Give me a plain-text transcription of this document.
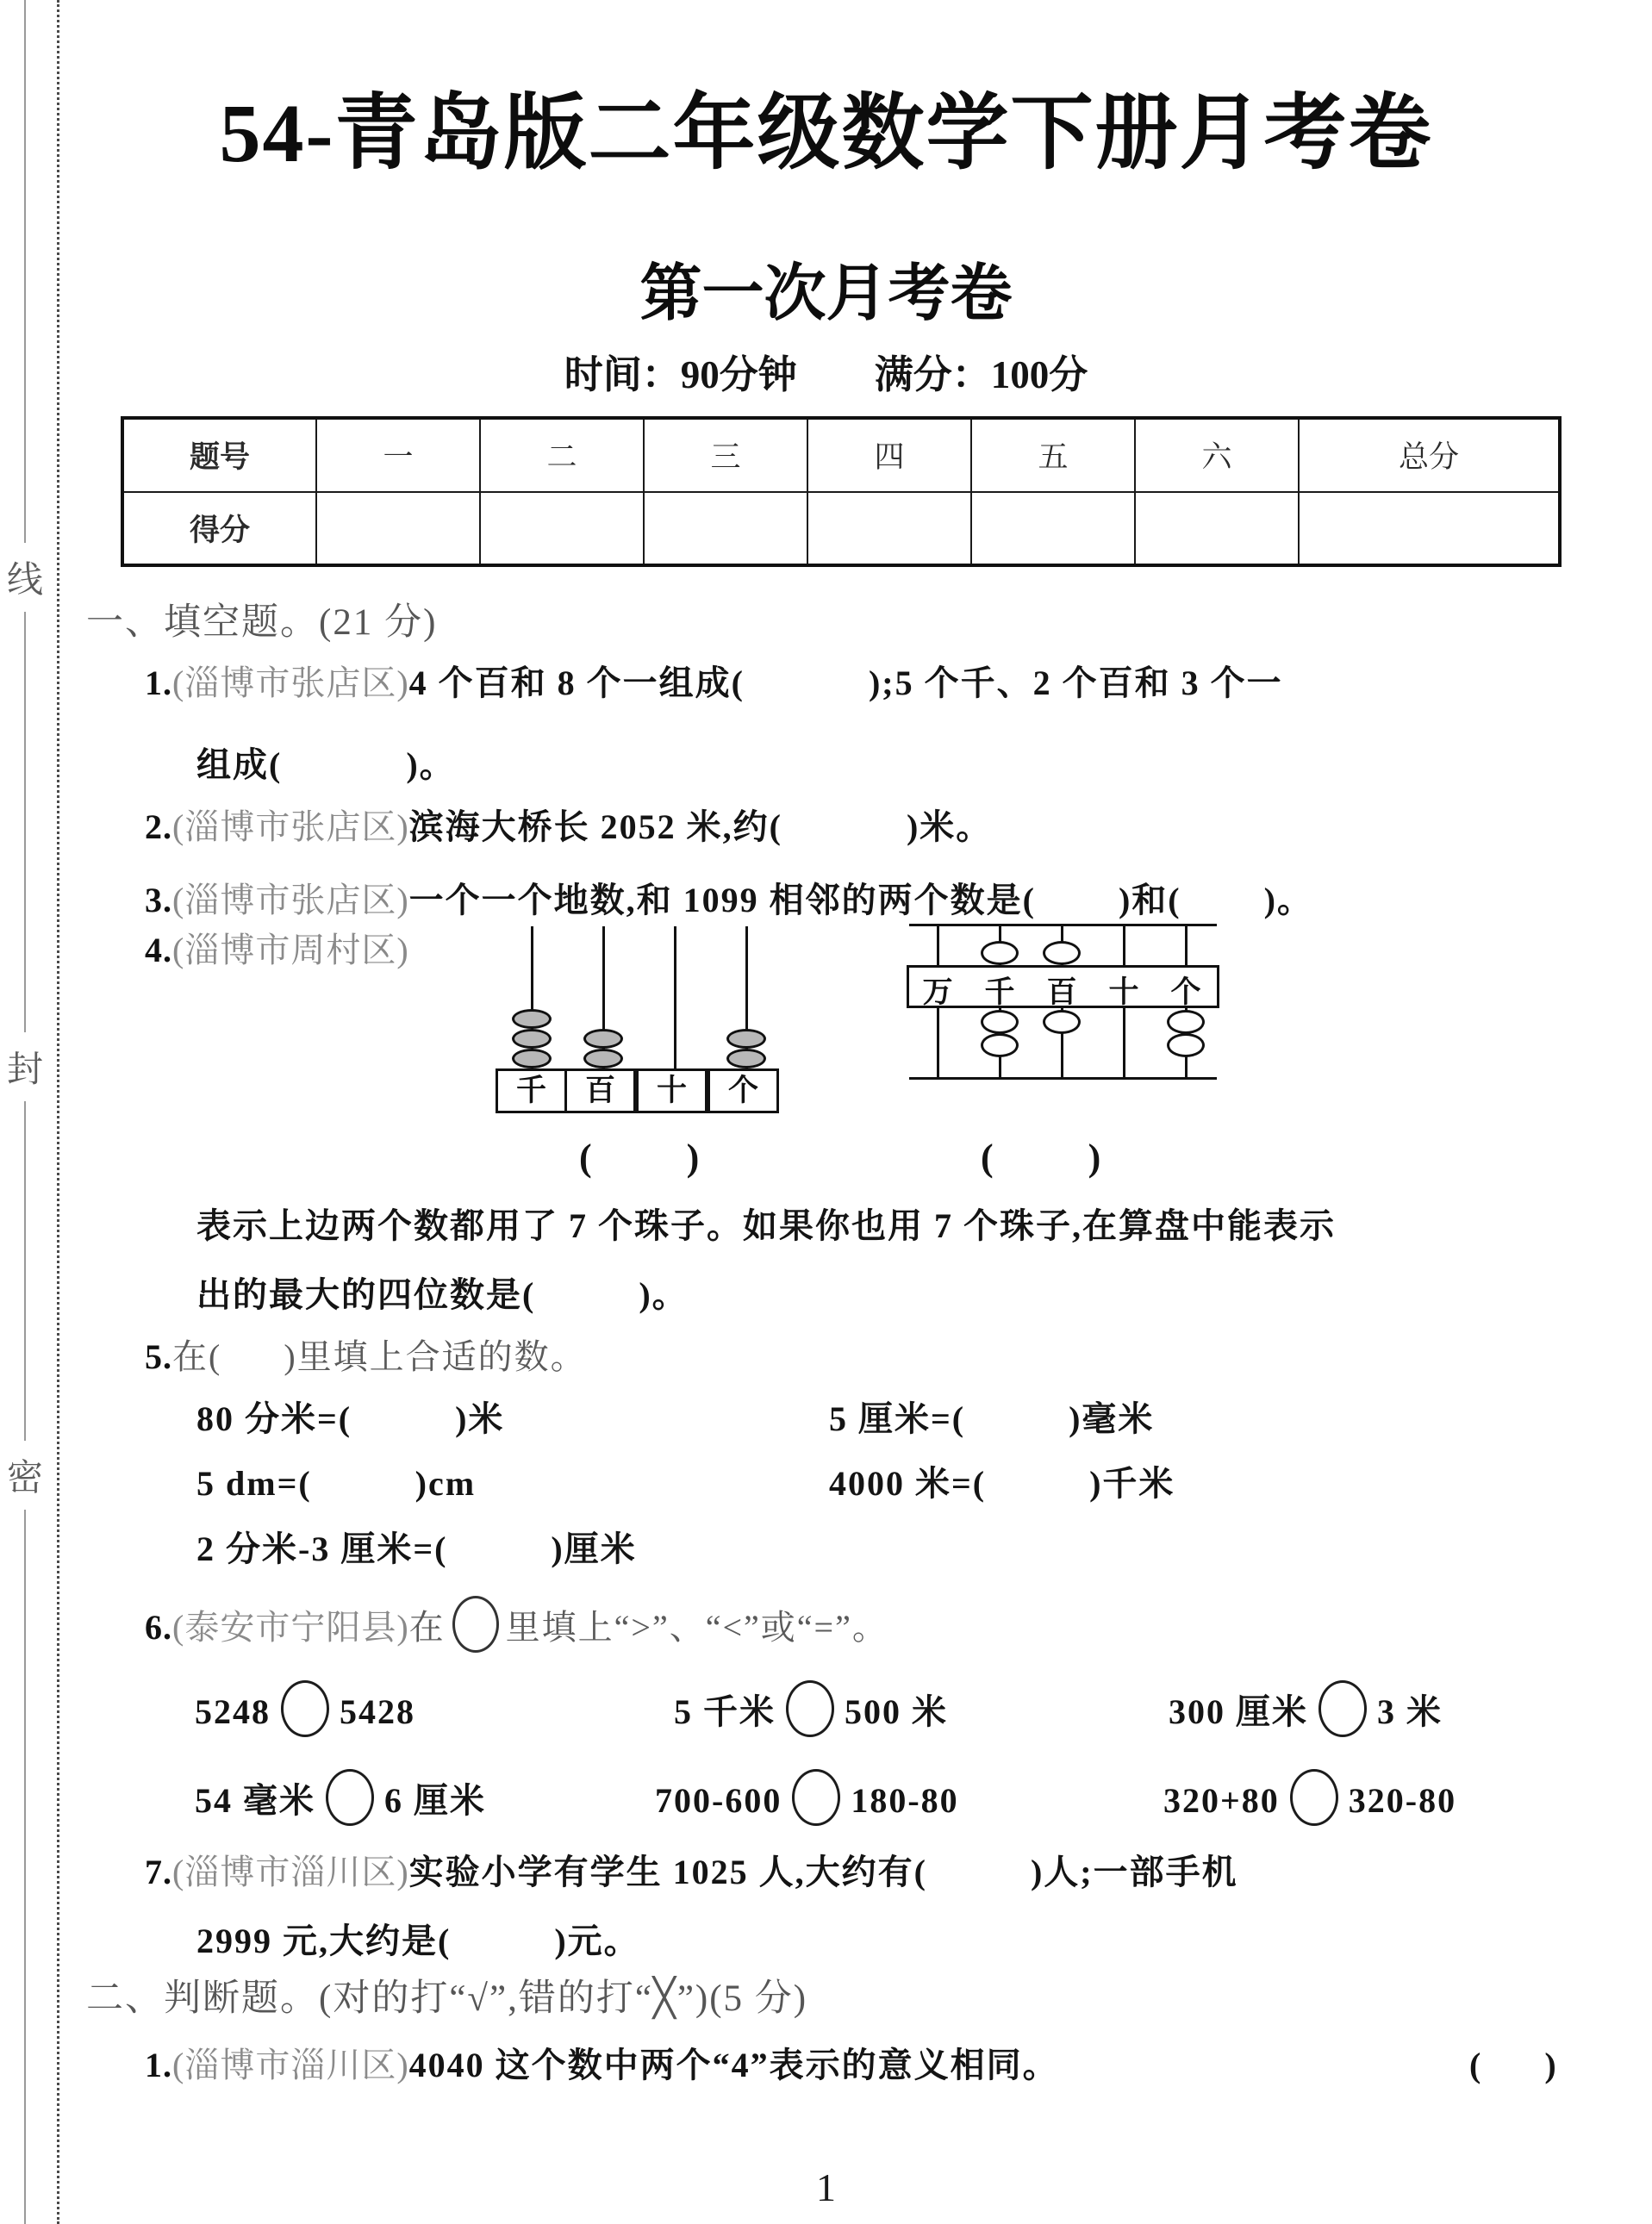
线
封
密
54-青岛版二年级数学下册月考卷
第一次月考卷
时间：90分钟　　满分：100分
题号	一	二	三	四	五	六	总分
得分							
一、填空题。(21 分)
1.(淄博市张店区)4 个百和 8 个一组成(            );5 个千、2 个百和 3 个一
组成(            )。
2.(淄博市张店区)滨海大桥长 2052 米,约(            )米。
3.(淄博市张店区)一个一个地数,和 1099 相邻的两个数是(        )和(        )。
4.(淄博市周村区)
千	百	十	个
万 千 百 十 个
(          )	(          )
表示上边两个数都用了 7 个珠子。如果你也用 7 个珠子,在算盘中能表示
出的最大的四位数是(          )。
5.在(      )里填上合适的数。
80 分米=(          )米	5 厘米=(          )毫米
5 dm=(          )cm	4000 米=(          )千米
2 分米-3 厘米=(          )厘米
6.(泰安市宁阳县)在 里填上“>”、“<”或“=”。
5248 5428	5 千米 500 米	300 厘米 3 米
54 毫米 6 厘米	700-600 180-80	320+80 320-80
7.(淄博市淄川区)实验小学有学生 1025 人,大约有(          )人;一部手机
2999 元,大约是(          )元。
二、判断题。(对的打“√”,错的打“╳”)(5 分)
1.(淄博市淄川区)4040 这个数中两个“4”表示的意义相同。	(      )
1
